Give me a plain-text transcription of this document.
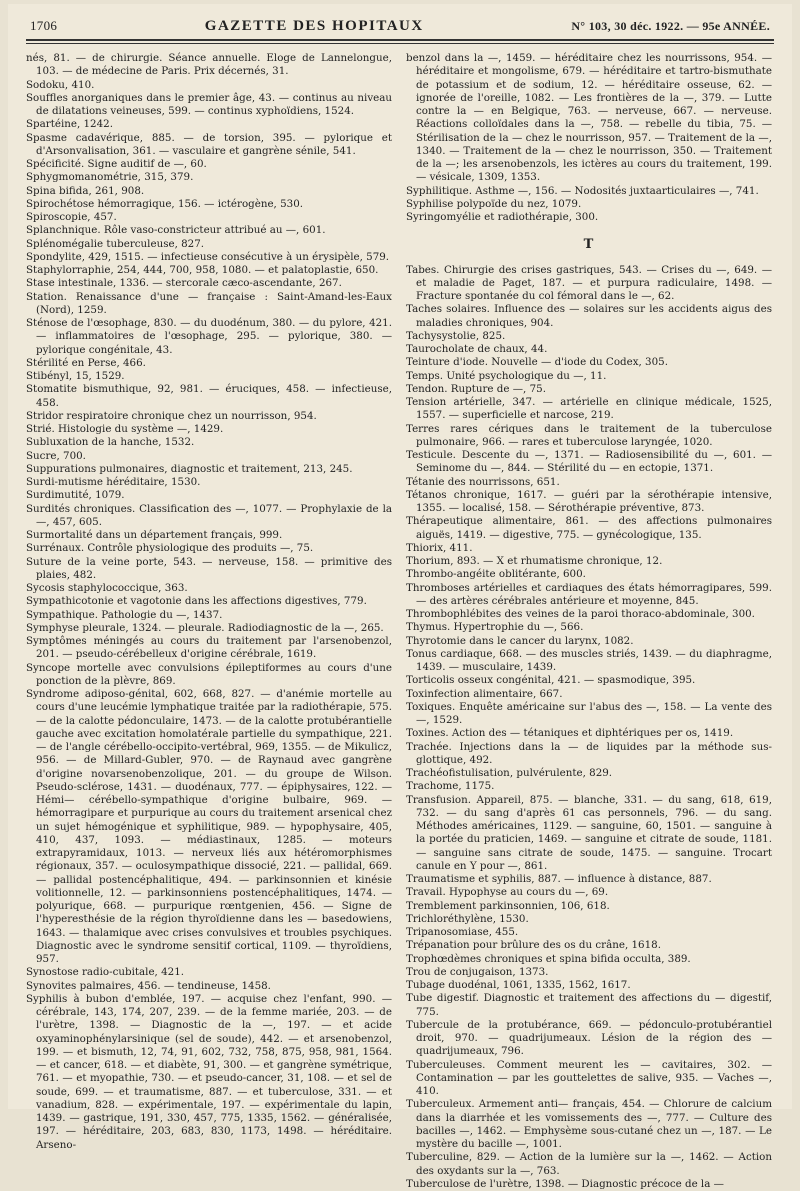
1706	GAZETTE DES HOPITAUX	N° 103, 30 déc. 1922. — 95e ANNÉE.

nés, 81. — de chirurgie. Séance annuelle. Eloge de Lannelongue, 103. — de médecine de Paris. Prix décernés, 31.

Sodoku, 410.

Souffles anorganiques dans le premier âge, 43. — continus au niveau de dilatations veineuses, 599. — continus xyphoïdiens, 1524.

Spartéine, 1242.

Spasme cadavérique, 885. — de torsion, 395. — pylorique et d'Arsonvalisation, 361. — vasculaire et gangrène sénile, 541.

Spécificité. Signe auditif de —, 60.

Sphygmomanométrie, 315, 379.

Spina bifida, 261, 908.

Spirochétose hémorragique, 156. — ictérogène, 530.

Spiroscopie, 457.

Splanchnique. Rôle vaso-constricteur attribué au —, 601.

Splénomégalie tuberculeuse, 827.

Spondylite, 429, 1515. — infectieuse consécutive à un érysipèle, 579.

Staphylorraphie, 254, 444, 700, 958, 1080. — et palatoplastie, 650.

Stase intestinale, 1336. — stercorale cæco-ascendante, 267.

Station. Renaissance d'une — française : Saint-Amand-les-Eaux (Nord), 1259.

Sténose de l'œsophage, 830. — du duodénum, 380. — du pylore, 421. — inflammatoires de l'œsophage, 295. — pylorique, 380. — pylorique congénitale, 43.

Stérilité en Perse, 466.

Stibényl, 15, 1529.

Stomatite bismuthique, 92, 981. — éruciques, 458. — infectieuse, 458.

Stridor respiratoire chronique chez un nourrisson, 954.

Strié. Histologie du système —, 1429.

Subluxation de la hanche, 1532.

Sucre, 700.

Suppurations pulmonaires, diagnostic et traitement, 213, 245.

Surdi-mutisme héréditaire, 1530.

Surdimutité, 1079.

Surdités chroniques. Classification des —, 1077. — Prophylaxie de la —, 457, 605.

Surmortalité dans un département français, 999.

Surrénaux. Contrôle physiologique des produits —, 75.

Suture de la veine porte, 543. — nerveuse, 158. — primitive des plaies, 482.

Sycosis staphylococcique, 363.

Sympathicotonie et vagotonie dans les affections digestives, 779.

Sympathique. Pathologie du —, 1437.

Symphyse pleurale, 1324. — pleurale. Radiodiagnostic de la —, 265.

Symptômes méningés au cours du traitement par l'arsenobenzol, 201. — pseudo-cérébelleux d'origine cérébrale, 1619.

Syncope mortelle avec convulsions épileptiformes au cours d'une ponction de la plèvre, 869.

Syndrome adiposo-génital, 602, 668, 827. — d'anémie mortelle au cours d'une leucémie lymphatique traitée par la radiothérapie, 575. — de la calotte pédonculaire, 1473. — de la calotte protubérantielle gauche avec excitation homolatérale partielle du sympathique, 221. — de l'angle cérébello-occipito-vertébral, 969, 1355. — de Mikulicz, 956. — de Millard-Gubler, 970. — de Raynaud avec gangrène d'origine novarsenobenzolique, 201. — du groupe de Wilson. Pseudo-sclérose, 1431. — duodénaux, 777. — épiphysaires, 122. — Hémi— cérébello-sympathique d'origine bulbaire, 969. — hémorragipare et purpurique au cours du traitement arsenical chez un sujet hémogénique et syphilitique, 989. — hypophysaire, 405, 410, 437, 1093. — médiastinaux, 1285. — moteurs extrapyramidaux, 1013. — nerveux liés aux hétéromorphismes régionaux, 357. — oculosympathique dissocié, 221. — pallidal, 669. — pallidal postencéphalitique, 494. — parkinsonnien et kinésie volitionnelle, 12. — parkinsonniens postencéphalitiques, 1474. — polyurique, 668. — purpurique rœntgenien, 456. — Signe de l'hyperesthésie de la région thyroïdienne dans les — basedowiens, 1643. — thalamique avec crises convulsives et troubles psychiques. Diagnostic avec le syndrome sensitif cortical, 1109. — thyroïdiens, 957.

Synostose radio-cubitale, 421.

Synovites palmaires, 456. — tendineuse, 1458.

Syphilis à bubon d'emblée, 197. — acquise chez l'enfant, 990. — cérébrale, 143, 174, 207, 239. — de la femme mariée, 203. — de l'urètre, 1398. — Diagnostic de la —, 197. — et acide oxyaminophénylarsinique (sel de soude), 442. — et arsenobenzol, 199. — et bismuth, 12, 74, 91, 602, 732, 758, 875, 958, 981, 1564. — et cancer, 618. — et diabète, 91, 300. — et gangrène symétrique, 761. — et myopathie, 730. — et pseudo-cancer, 31, 108. — et sel de soude, 699. — et traumatisme, 887. — et tuberculose, 331. — et vanadium, 828. — expérimentale, 197. — expérimentale du lapin, 1439. — gastrique, 191, 330, 457, 775, 1335, 1562. — généralisée, 197. — héréditaire, 203, 683, 830, 1173, 1498. — héréditaire. Arseno-

benzol dans la —, 1459. — héréditaire chez les nourrissons, 954. — héréditaire et mongolisme, 679. — héréditaire et tartro-bismuthate de potassium et de sodium, 12. — héréditaire osseuse, 62. — ignorée de l'oreille, 1082. — Les frontières de la —, 379. — Lutte contre la — en Belgique, 763. — nerveuse, 667. — nerveuse. Réactions colloïdales dans la —, 758. — rebelle du tibia, 75. — Stérilisation de la — chez le nourrisson, 957. — Traitement de la —, 1340. — Traitement de la — chez le nourrisson, 350. — Traitement de la —; les arsenobenzols, les ictères au cours du traitement, 199. — vésicale, 1309, 1353.

Syphilitique. Asthme —, 156. — Nodosités juxtaarticulaires —, 741.

Syphilise polypoïde du nez, 1079.

Syringomyélie et radiothérapie, 300.

T

Tabes. Chirurgie des crises gastriques, 543. — Crises du —, 649. — et maladie de Paget, 187. — et purpura radiculaire, 1498. — Fracture spontanée du col fémoral dans le —, 62.

Taches solaires. Influence des — solaires sur les accidents aigus des maladies chroniques, 904.

Tachysystolie, 825.

Taurocholate de chaux, 44.

Teinture d'iode. Nouvelle — d'iode du Codex, 305.

Temps. Unité psychologique du —, 11.

Tendon. Rupture de —, 75.

Tension artérielle, 347. — artérielle en clinique médicale, 1525, 1557. — superficielle et narcose, 219.

Terres rares cériques dans le traitement de la tuberculose pulmonaire, 966. — rares et tuberculose laryngée, 1020.

Testicule. Descente du —, 1371. — Radiosensibilité du —, 601. — Seminome du —, 844. — Stérilité du — en ectopie, 1371.

Tétanie des nourrissons, 651.

Tétanos chronique, 1617. — guéri par la sérothérapie intensive, 1355. — localisé, 158. — Sérothérapie préventive, 873.

Thérapeutique alimentaire, 861. — des affections pulmonaires aiguës, 1419. — digestive, 775. — gynécologique, 135.

Thiorix, 411.

Thorium, 893. — X et rhumatisme chronique, 12.

Thrombo-angéite oblitérante, 600.

Thromboses artérielles et cardiaques des états hémorragipares, 599. — des artères cérébrales antérieure et moyenne, 845.

Thrombophlébites des veines de la paroi thoraco-abdominale, 300.

Thymus. Hypertrophie du —, 566.

Thyrotomie dans le cancer du larynx, 1082.

Tonus cardiaque, 668. — des muscles striés, 1439. — du diaphragme, 1439. — musculaire, 1439.

Torticolis osseux congénital, 421. — spasmodique, 395.

Toxinfection alimentaire, 667.

Toxiques. Enquête américaine sur l'abus des —, 158. — La vente des —, 1529.

Toxines. Action des — tétaniques et diphtériques per os, 1419.

Trachée. Injections dans la — de liquides par la méthode sus-glottique, 492.

Trachéofistulisation, pulvérulente, 829.

Trachome, 1175.

Transfusion. Appareil, 875. — blanche, 331. — du sang, 618, 619, 732. — du sang d'après 61 cas personnels, 796. — du sang. Méthodes américaines, 1129. — sanguine, 60, 1501. — sanguine à la portée du praticien, 1469. — sanguine et citrate de soude, 1181. — sanguine sans citrate de soude, 1475. — sanguine. Trocart canule en Y pour —, 861.

Traumatisme et syphilis, 887. — influence à distance, 887.

Travail. Hypophyse au cours du —, 69.

Tremblement parkinsonnien, 106, 618.

Trichloréthylène, 1530.

Tripanosomiase, 455.

Trépanation pour brûlure des os du crâne, 1618.

Trophœdèmes chroniques et spina bifida occulta, 389.

Trou de conjugaison, 1373.

Tubage duodénal, 1061, 1335, 1562, 1617.

Tube digestif. Diagnostic et traitement des affections du — digestif, 775.

Tubercule de la protubérance, 669. — pédonculo-protubérantiel droit, 970. — quadrijumeaux. Lésion de la région des — quadrijumeaux, 796.

Tuberculeuses. Comment meurent les — cavitaires, 302. — Contamination — par les gouttelettes de salive, 935. — Vaches —, 410.

Tuberculeux. Armement anti— français, 454. — Chlorure de calcium dans la diarrhée et les vomissements des —, 777. — Culture des bacilles —, 1462. — Emphysème sous-cutané chez un —, 187. — Le mystère du bacille —, 1001.

Tuberculine, 829. — Action de la lumière sur la —, 1462. — Action des oxydants sur la —, 763.

Tuberculose de l'urètre, 1398. — Diagnostic précoce de la —
